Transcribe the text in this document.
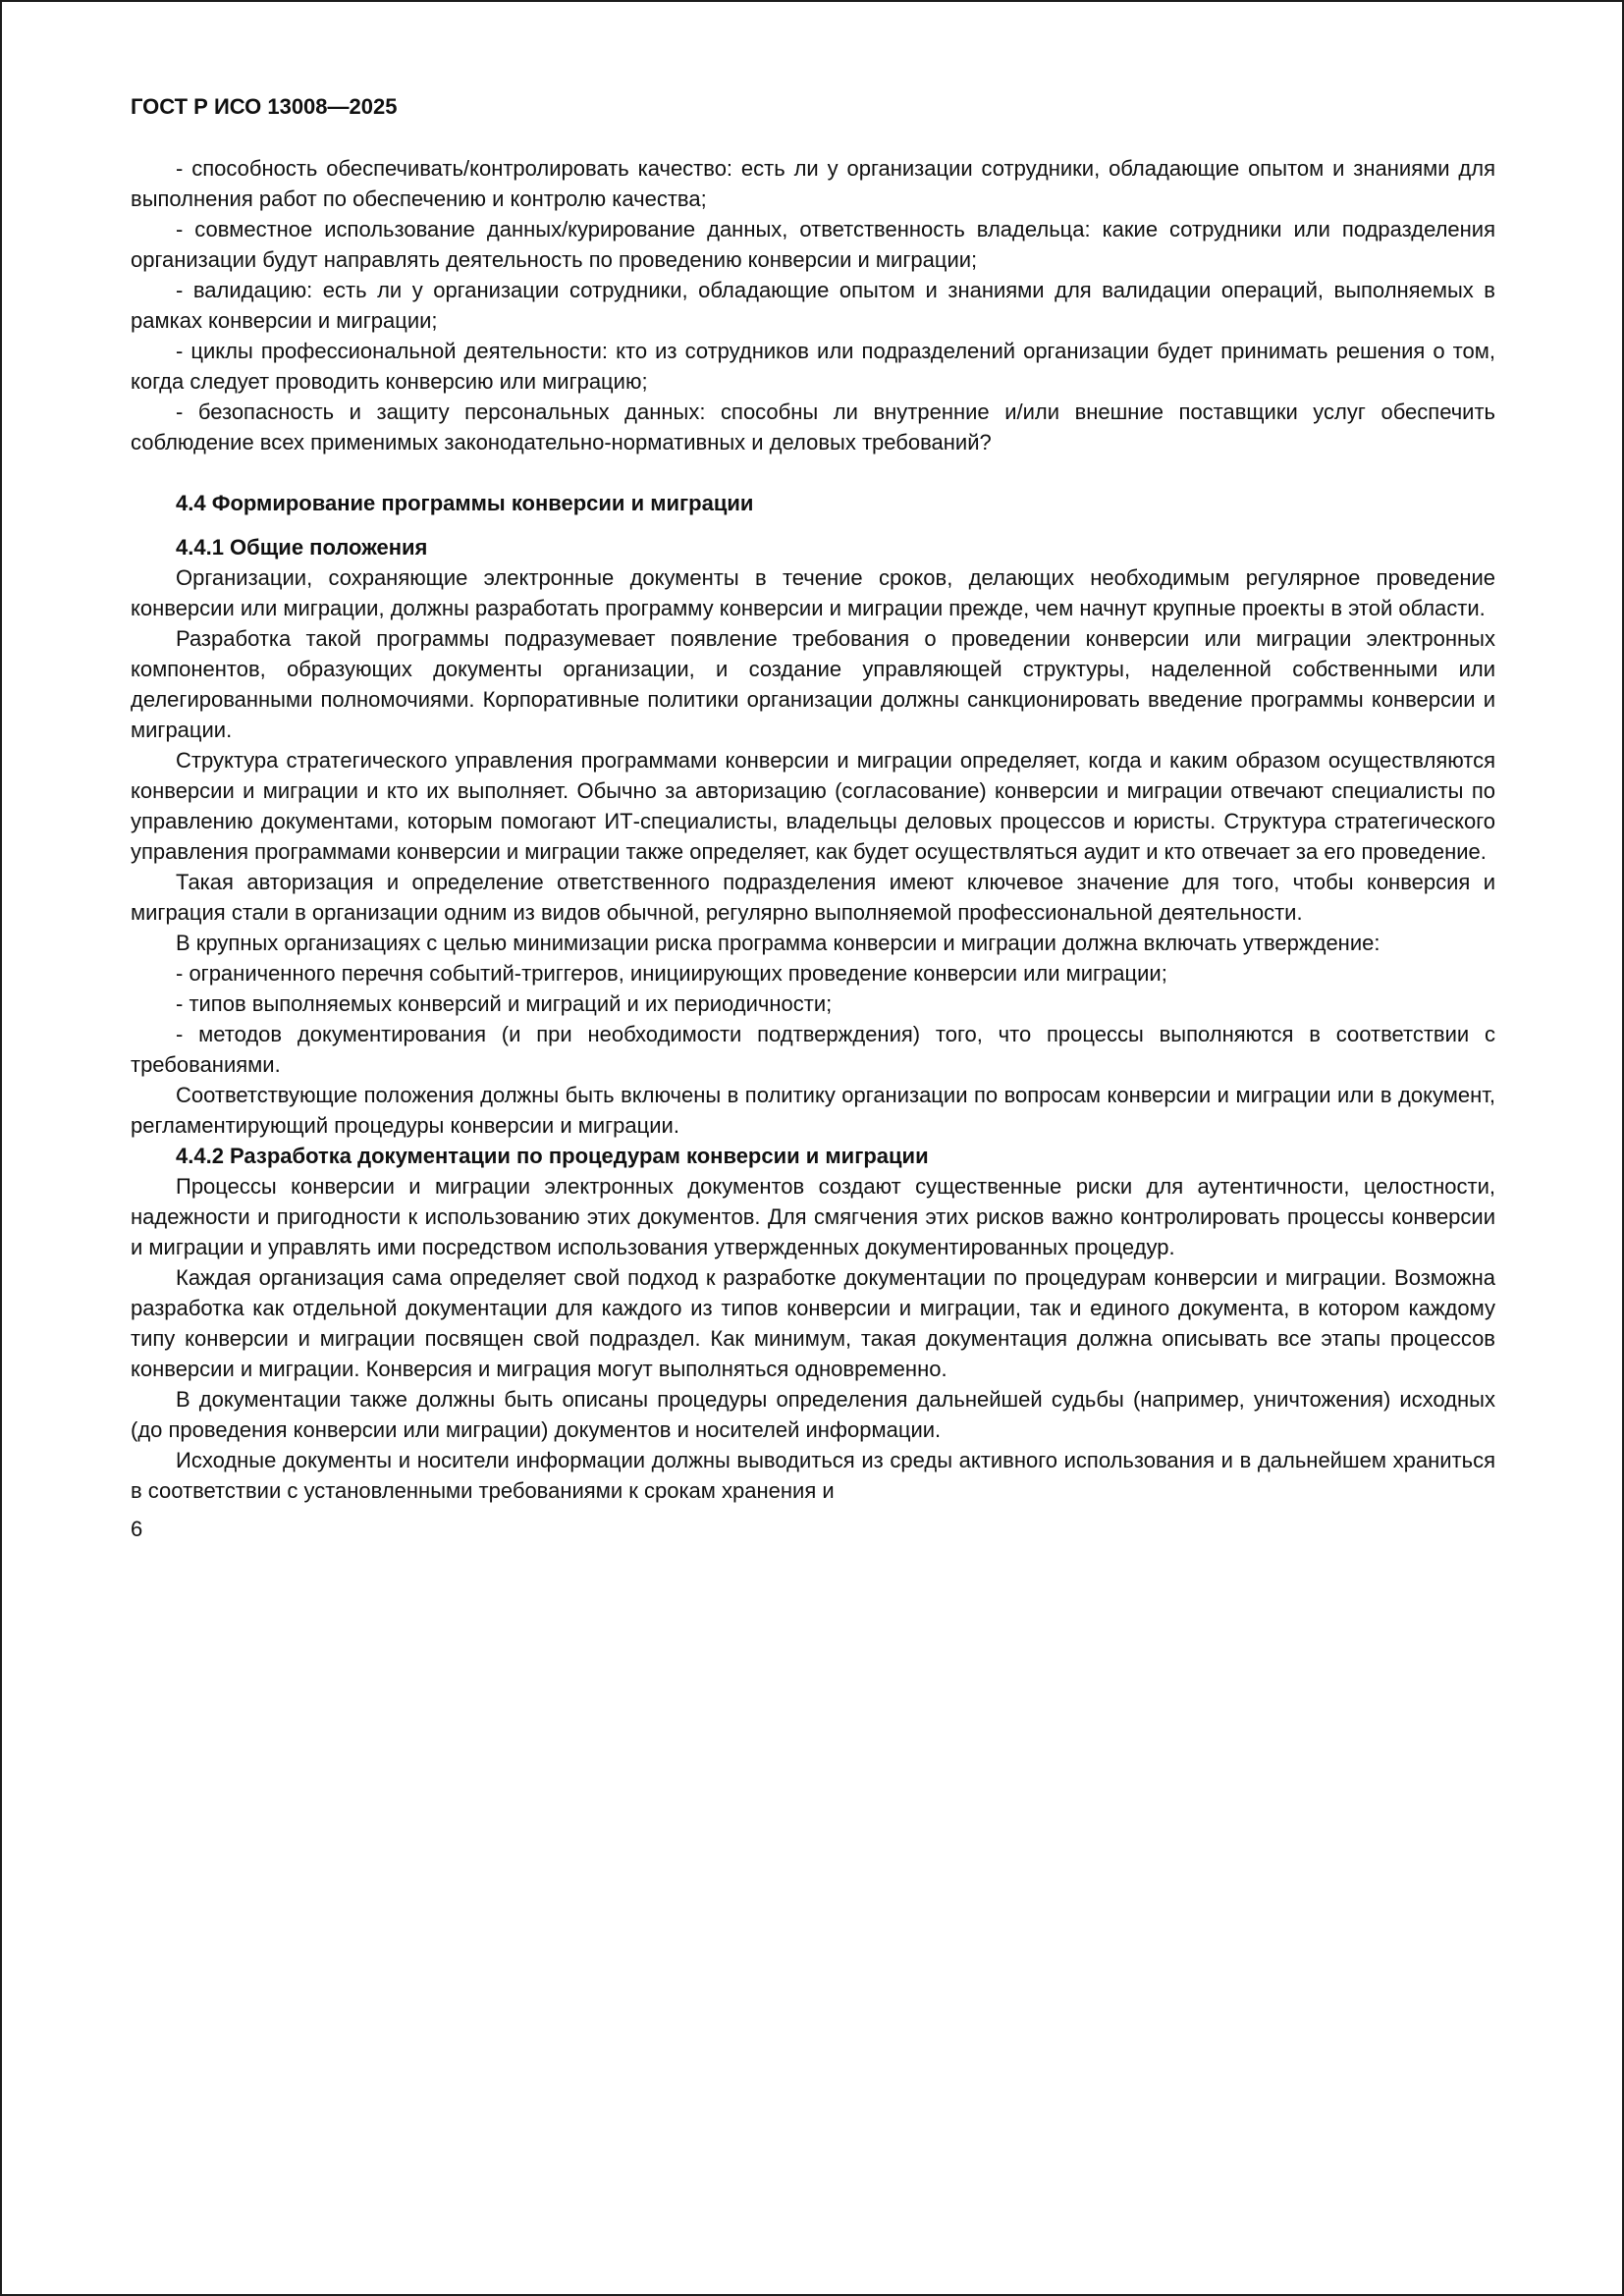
ГОСТ Р ИСО 13008—2025

- способность обеспечивать/контролировать качество: есть ли у организации сотрудники, обладающие опытом и знаниями для выполнения работ по обеспечению и контролю качества;

- совместное использование данных/курирование данных, ответственность владельца: какие сотрудники или подразделения организации будут направлять деятельность по проведению конверсии и миграции;

- валидацию: есть ли у организации сотрудники, обладающие опытом и знаниями для валидации операций, выполняемых в рамках конверсии и миграции;

- циклы профессиональной деятельности: кто из сотрудников или подразделений организации будет принимать решения о том, когда следует проводить конверсию или миграцию;

- безопасность и защиту персональных данных: способны ли внутренние и/или внешние поставщики услуг обеспечить соблюдение всех применимых законодательно-нормативных и деловых требований?

4.4 Формирование программы конверсии и миграции
4.4.1 Общие положения

Организации, сохраняющие электронные документы в течение сроков, делающих необходимым регулярное проведение конверсии или миграции, должны разработать программу конверсии и миграции прежде, чем начнут крупные проекты в этой области.

Разработка такой программы подразумевает появление требования о проведении конверсии или миграции электронных компонентов, образующих документы организации, и создание управляющей структуры, наделенной собственными или делегированными полномочиями. Корпоративные политики организации должны санкционировать введение программы конверсии и миграции.

Структура стратегического управления программами конверсии и миграции определяет, когда и каким образом осуществляются конверсии и миграции и кто их выполняет. Обычно за авторизацию (согласование) конверсии и миграции отвечают специалисты по управлению документами, которым помогают ИТ-специалисты, владельцы деловых процессов и юристы. Структура стратегического управления программами конверсии и миграции также определяет, как будет осуществляться аудит и кто отвечает за его проведение.

Такая авторизация и определение ответственного подразделения имеют ключевое значение для того, чтобы конверсия и миграция стали в организации одним из видов обычной, регулярно выполняемой профессиональной деятельности.

В крупных организациях с целью минимизации риска программа конверсии и миграции должна включать утверждение:

- ограниченного перечня событий-триггеров, инициирующих проведение конверсии или миграции;

- типов выполняемых конверсий и миграций и их периодичности;

- методов документирования (и при необходимости подтверждения) того, что процессы выполняются в соответствии с требованиями.

Соответствующие положения должны быть включены в политику организации по вопросам конверсии и миграции или в документ, регламентирующий процедуры конверсии и миграции.

4.4.2 Разработка документации по процедурам конверсии и миграции

Процессы конверсии и миграции электронных документов создают существенные риски для аутентичности, целостности, надежности и пригодности к использованию этих документов. Для смягчения этих рисков важно контролировать процессы конверсии и миграции и управлять ими посредством использования утвержденных документированных процедур.

Каждая организация сама определяет свой подход к разработке документации по процедурам конверсии и миграции. Возможна разработка как отдельной документации для каждого из типов конверсии и миграции, так и единого документа, в котором каждому типу конверсии и миграции посвящен свой подраздел. Как минимум, такая документация должна описывать все этапы процессов конверсии и миграции. Конверсия и миграция могут выполняться одновременно.

В документации также должны быть описаны процедуры определения дальнейшей судьбы (например, уничтожения) исходных (до проведения конверсии или миграции) документов и носителей информации.

Исходные документы и носители информации должны выводиться из среды активного использования и в дальнейшем храниться в соответствии с установленными требованиями к срокам хранения и

6
